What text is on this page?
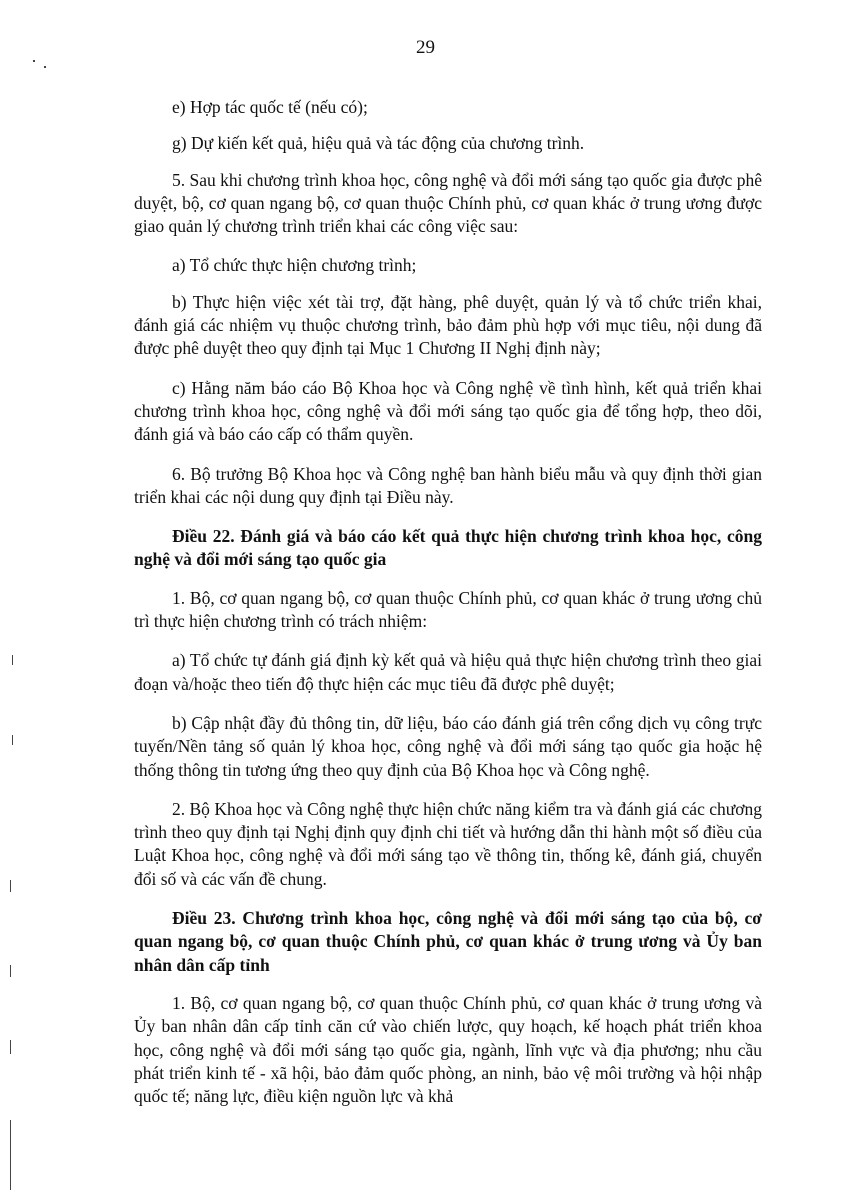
29

e) Hợp tác quốc tế (nếu có);

g) Dự kiến kết quả, hiệu quả và tác động của chương trình.

5. Sau khi chương trình khoa học, công nghệ và đổi mới sáng tạo quốc gia được phê duyệt, bộ, cơ quan ngang bộ, cơ quan thuộc Chính phủ, cơ quan khác ở trung ương được giao quản lý chương trình triển khai các công việc sau:

a) Tổ chức thực hiện chương trình;

b) Thực hiện việc xét tài trợ, đặt hàng, phê duyệt, quản lý và tổ chức triển khai, đánh giá các nhiệm vụ thuộc chương trình, bảo đảm phù hợp với mục tiêu, nội dung đã được phê duyệt theo quy định tại Mục 1 Chương II Nghị định này;

c) Hằng năm báo cáo Bộ Khoa học và Công nghệ về tình hình, kết quả triển khai chương trình khoa học, công nghệ và đổi mới sáng tạo quốc gia để tổng hợp, theo dõi, đánh giá và báo cáo cấp có thẩm quyền.

6. Bộ trưởng Bộ Khoa học và Công nghệ ban hành biểu mẫu và quy định thời gian triển khai các nội dung quy định tại Điều này.

Điều 22. Đánh giá và báo cáo kết quả thực hiện chương trình khoa học, công nghệ và đổi mới sáng tạo quốc gia

1. Bộ, cơ quan ngang bộ, cơ quan thuộc Chính phủ, cơ quan khác ở trung ương chủ trì thực hiện chương trình có trách nhiệm:

a) Tổ chức tự đánh giá định kỳ kết quả và hiệu quả thực hiện chương trình theo giai đoạn và/hoặc theo tiến độ thực hiện các mục tiêu đã được phê duyệt;

b) Cập nhật đầy đủ thông tin, dữ liệu, báo cáo đánh giá trên cổng dịch vụ công trực tuyến/Nền tảng số quản lý khoa học, công nghệ và đổi mới sáng tạo quốc gia hoặc hệ thống thông tin tương ứng theo quy định của Bộ Khoa học và Công nghệ.

2. Bộ Khoa học và Công nghệ thực hiện chức năng kiểm tra và đánh giá các chương trình theo quy định tại Nghị định quy định chi tiết và hướng dẫn thi hành một số điều của Luật Khoa học, công nghệ và đổi mới sáng tạo về thông tin, thống kê, đánh giá, chuyển đổi số và các vấn đề chung.

Điều 23. Chương trình khoa học, công nghệ và đổi mới sáng tạo của bộ, cơ quan ngang bộ, cơ quan thuộc Chính phủ, cơ quan khác ở trung ương và Ủy ban nhân dân cấp tỉnh

1. Bộ, cơ quan ngang bộ, cơ quan thuộc Chính phủ, cơ quan khác ở trung ương và Ủy ban nhân dân cấp tỉnh căn cứ vào chiến lược, quy hoạch, kế hoạch phát triển khoa học, công nghệ và đổi mới sáng tạo quốc gia, ngành, lĩnh vực và địa phương; nhu cầu phát triển kinh tế - xã hội, bảo đảm quốc phòng, an ninh, bảo vệ môi trường và hội nhập quốc tế; năng lực, điều kiện nguồn lực và khả
